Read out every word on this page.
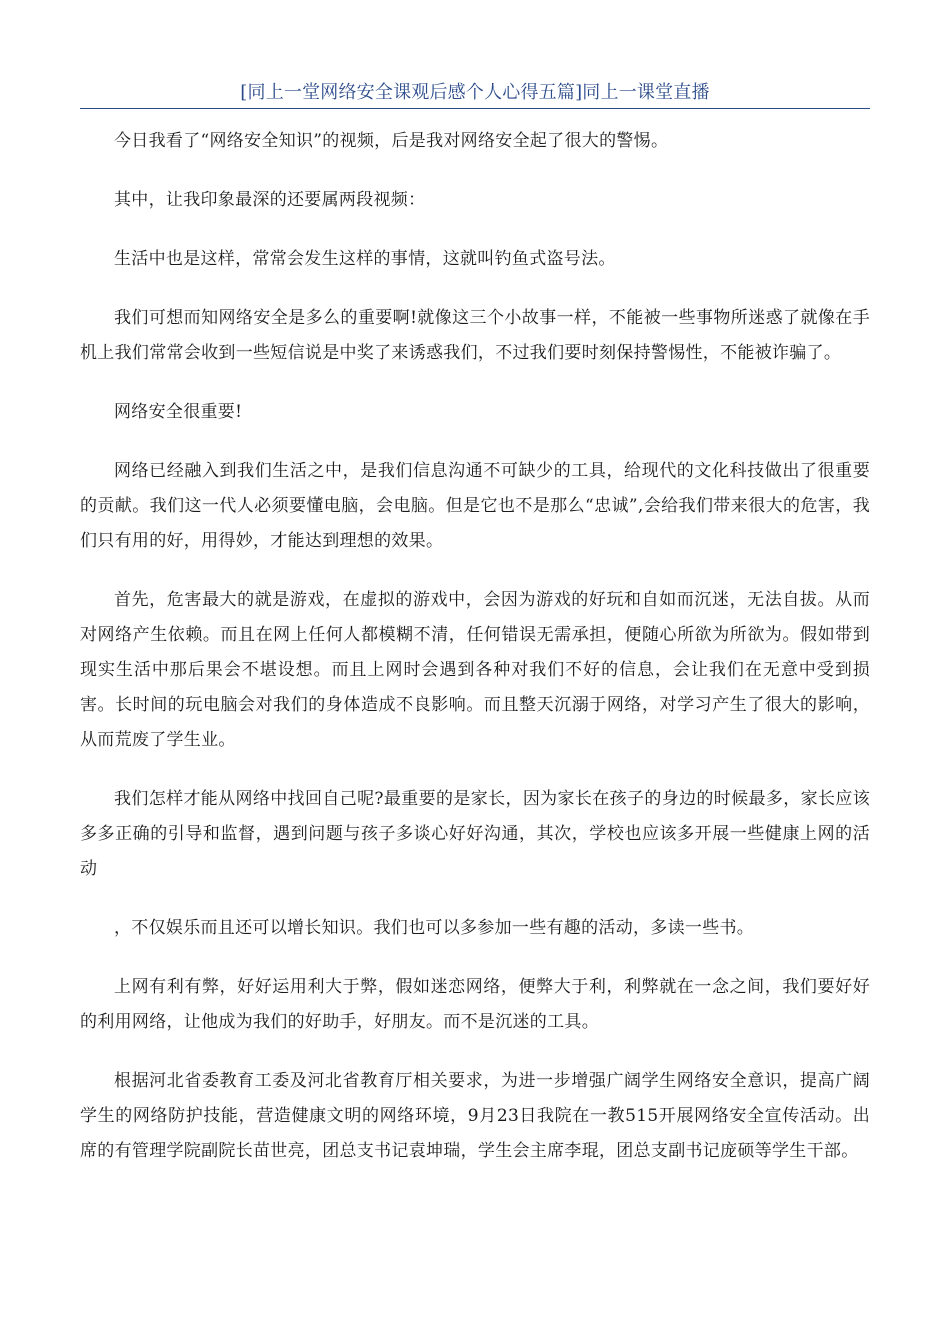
[同上一堂网络安全课观后感个人心得五篇]同上一课堂直播

今日我看了“网络安全知识”的视频，后是我对网络安全起了很大的警惕。

其中，让我印象最深的还要属两段视频：

生活中也是这样，常常会发生这样的事情，这就叫钓鱼式盗号法。

我们可想而知网络安全是多么的重要啊!就像这三个小故事一样，不能被一些事物所迷惑了就像在手机上我们常常会收到一些短信说是中奖了来诱惑我们，不过我们要时刻保持警惕性，不能被诈骗了。

网络安全很重要!

网络已经融入到我们生活之中，是我们信息沟通不可缺少的工具，给现代的文化科技做出了很重要的贡献。我们这一代人必须要懂电脑，会电脑。但是它也不是那么“忠诚”,会给我们带来很大的危害，我们只有用的好，用得妙，才能达到理想的效果。

首先，危害最大的就是游戏，在虚拟的游戏中，会因为游戏的好玩和自如而沉迷，无法自拔。从而对网络产生依赖。而且在网上任何人都模糊不清，任何错误无需承担，便随心所欲为所欲为。假如带到现实生活中那后果会不堪设想。而且上网时会遇到各种对我们不好的信息，会让我们在无意中受到损害。长时间的玩电脑会对我们的身体造成不良影响。而且整天沉溺于网络，对学习产生了很大的影响，从而荒废了学生业。

我们怎样才能从网络中找回自己呢?最重要的是家长，因为家长在孩子的身边的时候最多，家长应该多多正确的引导和监督，遇到问题与孩子多谈心好好沟通，其次，学校也应该多开展一些健康上网的活动

，不仅娱乐而且还可以增长知识。我们也可以多参加一些有趣的活动，多读一些书。

上网有利有弊，好好运用利大于弊，假如迷恋网络，便弊大于利，利弊就在一念之间，我们要好好的利用网络，让他成为我们的好助手，好朋友。而不是沉迷的工具。

根据河北省委教育工委及河北省教育厅相关要求，为进一步增强广阔学生网络安全意识，提高广阔学生的网络防护技能，营造健康文明的网络环境，9月23日我院在一教515开展网络安全宣传活动。出席的有管理学院副院长苗世亮，团总支书记袁坤瑞，学生会主席李琨，团总支副书记庞硕等学生干部。
